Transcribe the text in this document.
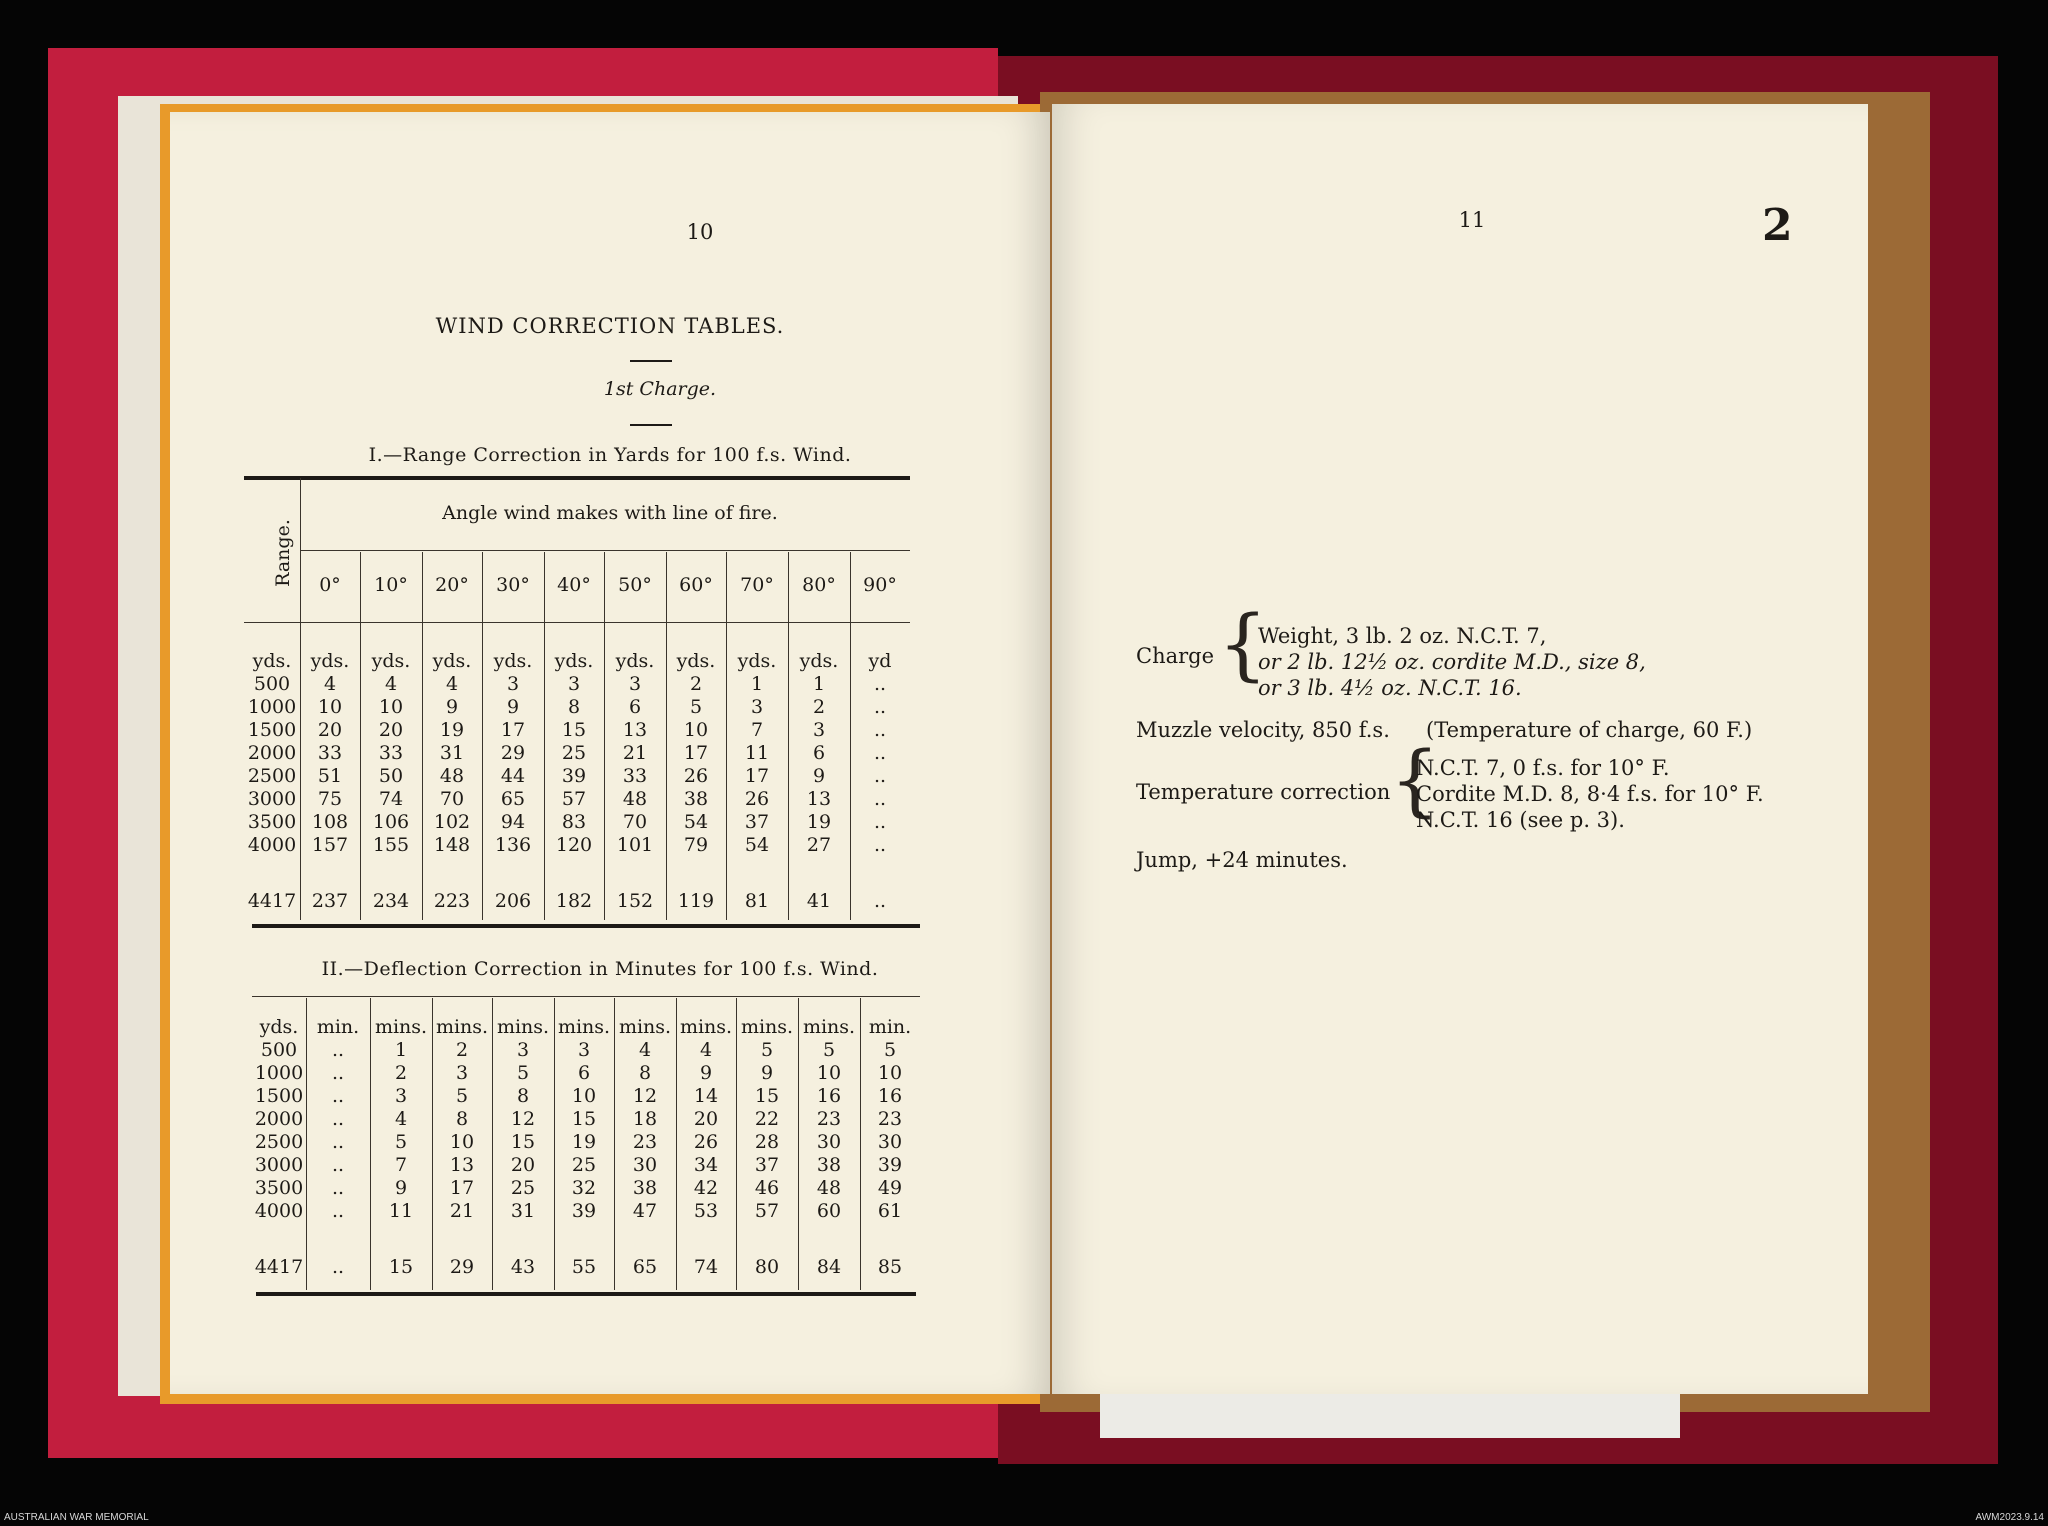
10
WIND CORRECTION TABLES.
1st Charge.
I.—Range Correction in Yards for 100 f.s. Wind.
Range.
Angle wind makes with line of fire.
0°	10°	20°	30°	40°	50°	60°	70°	80°	90°
yds.	yds.	yds.	yds.	yds.	yds.	yds.	yds.	yds.	yds.	yd
500	4	4	4	3	3	3	2	1	1	..
1000	10	10	9	9	8	6	5	3	2	..
1500	20	20	19	17	15	13	10	7	3	..
2000	33	33	31	29	25	21	17	11	6	..
2500	51	50	48	44	39	33	26	17	9	..
3000	75	74	70	65	57	48	38	26	13	..
3500	108	106	102	94	83	70	54	37	19	..
4000	157	155	148	136	120	101	79	54	27	..
4417	237	234	223	206	182	152	119	81	41	..
II.—Deflection Correction in Minutes for 100 f.s. Wind.
yds.	min.	mins.	mins.	mins.	mins.	mins.	mins.	mins.	mins.	min.
500	..	1	2	3	3	4	4	5	5	5
1000	..	2	3	5	6	8	9	9	10	10
1500	..	3	5	8	10	12	14	15	16	16
2000	..	4	8	12	15	18	20	22	23	23
2500	..	5	10	15	19	23	26	28	30	30
3000	..	7	13	20	25	30	34	37	38	39
3500	..	9	17	25	32	38	42	46	48	49
4000	..	11	21	31	39	47	53	57	60	61
4417	..	15	29	43	55	65	74	80	84	85
11	2
Charge {
Weight, 3 lb. 2 oz. N.C.T. 7,
or 2 lb. 12½ oz. cordite M.D., size 8,
or 3 lb. 4½ oz. N.C.T. 16.
Muzzle velocity, 850 f.s. (Temperature of charge, 60 F.)
Temperature correction {
N.C.T. 7, 0 f.s. for 10° F.
Cordite M.D. 8, 8·4 f.s. for 10° F.
N.C.T. 16 (see p. 3).
Jump, +24 minutes.
AUSTRALIAN WAR MEMORIAL	AWM2023.9.14
